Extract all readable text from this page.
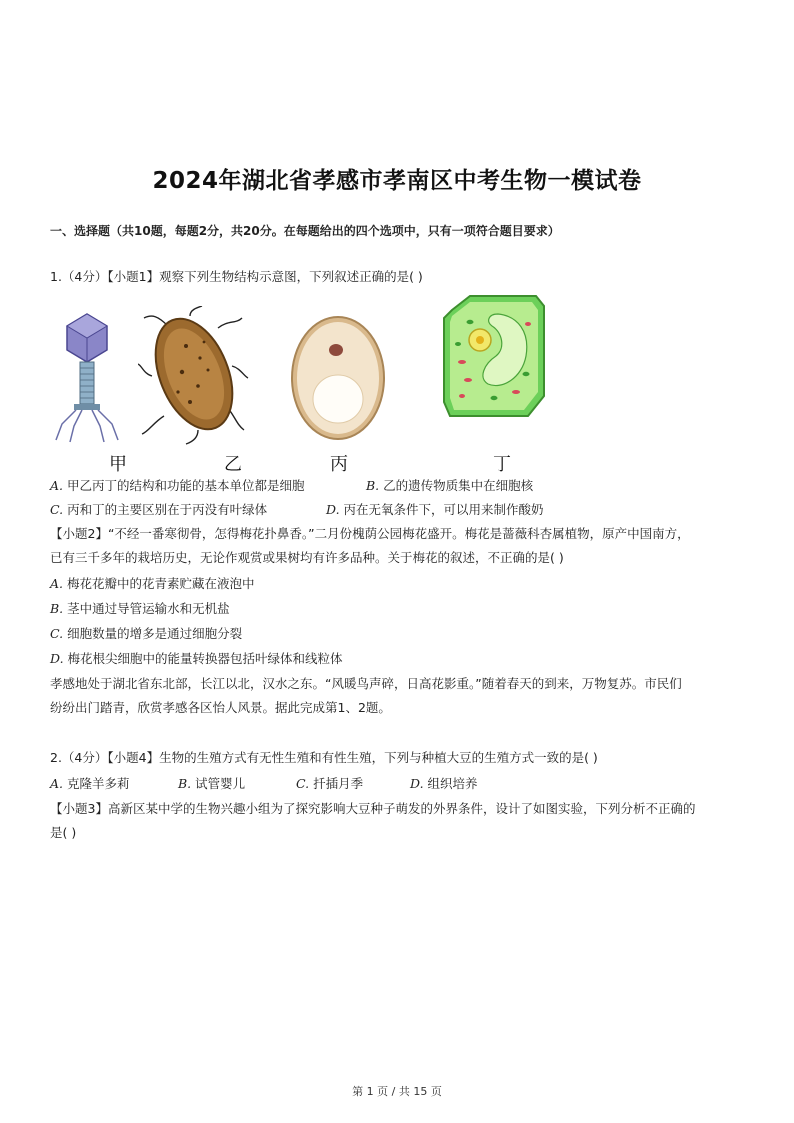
2024年湖北省孝感市孝南区中考生物一模试卷
一、选择题（共10题，每题2分，共20分。在每题给出的四个选项中，只有一项符合题目要求）
1.（4分）【小题1】观察下列生物结构示意图，下列叙述正确的是( )
甲	乙	丙	丁
A. 甲乙丙丁的结构和功能的基本单位都是细胞	B. 乙的遗传物质集中在细胞核
C. 丙和丁的主要区别在于丙没有叶绿体	D. 丙在无氧条件下，可以用来制作酸奶
【小题2】“不经一番寒彻骨，怎得梅花扑鼻香。”二月份槐荫公园梅花盛开。梅花是蔷薇科杏属植物，原产中国南方，
已有三千多年的栽培历史，无论作观赏或果树均有许多品种。关于梅花的叙述，不正确的是( )
A. 梅花花瓣中的花青素贮藏在液泡中
B. 茎中通过导管运输水和无机盐
C. 细胞数量的增多是通过细胞分裂
D. 梅花根尖细胞中的能量转换器包括叶绿体和线粒体
孝感地处于湖北省东北部，长江以北，汉水之东。“风暖鸟声碎，日高花影重。”随着春天的到来，万物复苏。市民们
纷纷出门踏青，欣赏孝感各区怡人风景。据此完成第1、2题。
2.（4分）【小题4】生物的生殖方式有无性生殖和有性生殖，下列与种植大豆的生殖方式一致的是( )
A. 克隆羊多莉	B. 试管婴儿	C. 扦插月季	D. 组织培养
【小题3】高新区某中学的生物兴趣小组为了探究影响大豆种子萌发的外界条件，设计了如图实验，下列分析不正确的
是( )
第 1 页 / 共 15 页
